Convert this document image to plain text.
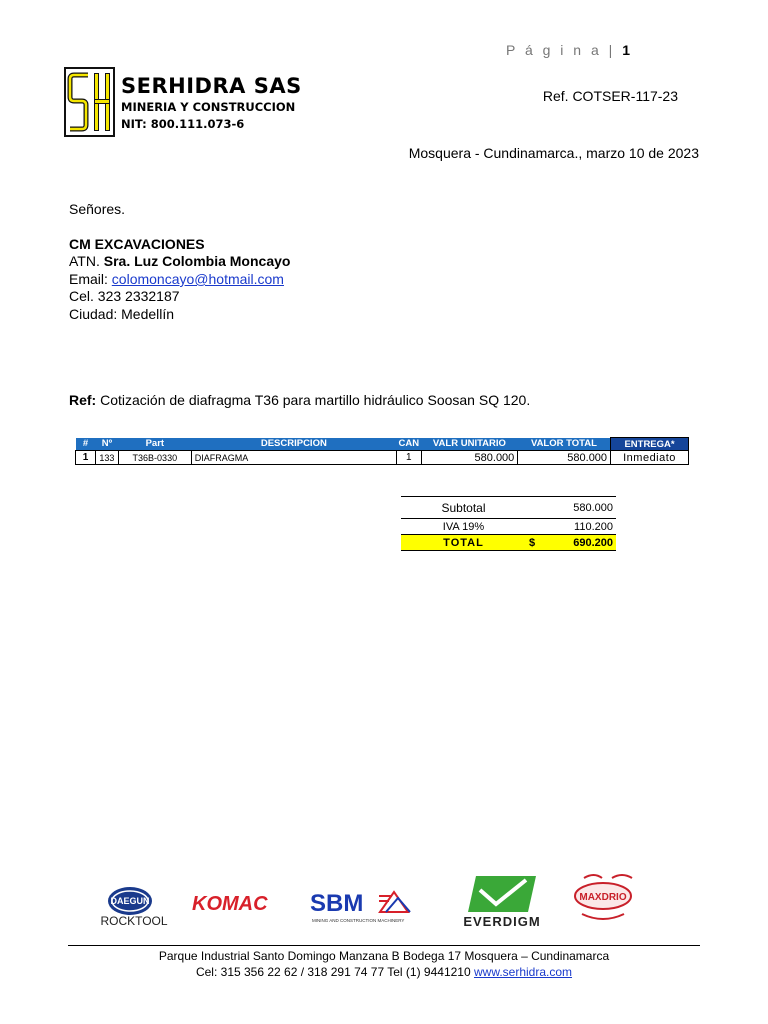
P á g i n a | 1
SERHIDRA SAS
MINERIA Y CONSTRUCCION
NIT: 800.111.073-6
Ref. COTSER-117-23
Mosquera - Cundinamarca., marzo 10 de 2023
Señores.
CM EXCAVACIONES
ATN. Sra. Luz Colombia Moncayo
Email: colomoncayo@hotmail.com
Cel. 323 2332187
Ciudad: Medellín
Ref: Cotización de diafragma T36 para martillo hidráulico Soosan SQ 120.
#	Nº	Part	DESCRIPCION	CAN	VALR UNITARIO	VALOR TOTAL	ENTREGA*
1	133	T36B-0330	DIAFRAGMA	1	580.000	580.000	Inmediato
Subtotal		580.000
IVA 19%		110.200
TOTAL	$	690.200
DAEGUN
ROCKTOOL
KOMAC SBM
MINING AND CONSTRUCTION MACHINERY	EVERDIGM
MAXDRIO
Parque Industrial Santo Domingo Manzana B Bodega 17 Mosquera – Cundinamarca
Cel: 315 356 22 62 / 318 291 74 77 Tel (1) 9441210 www.serhidra.com
